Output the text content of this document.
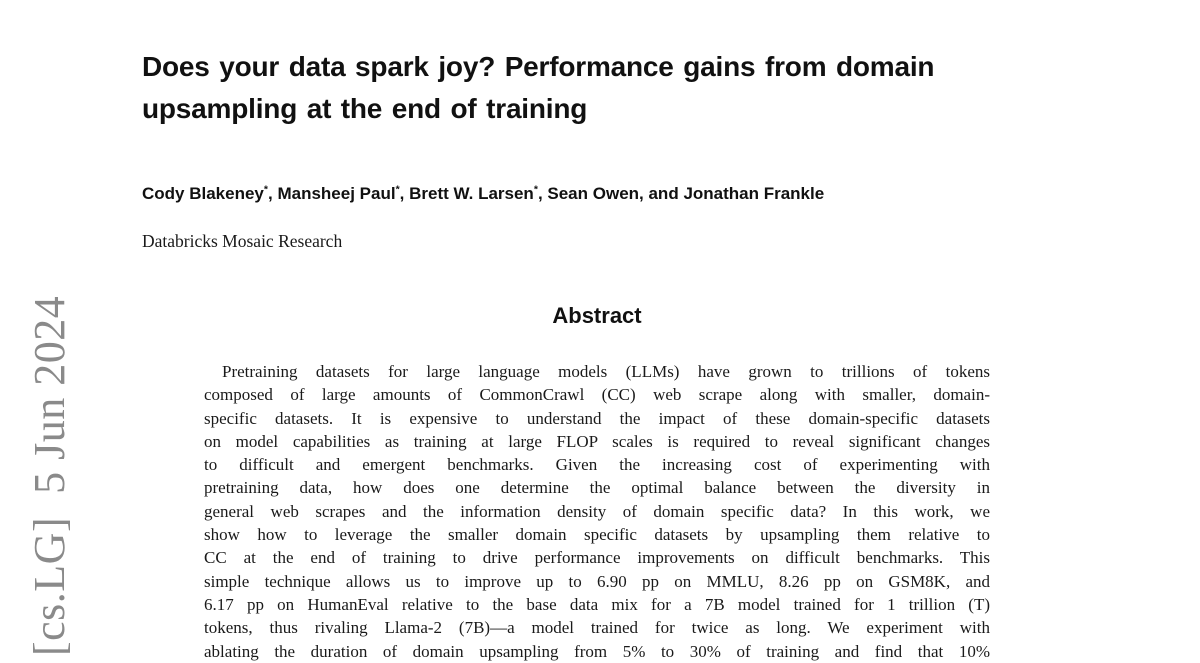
[cs.LG]  5 Jun 2024
Does your data spark joy? Performance gains from domain
upsampling at the end of training
Cody Blakeney*, Mansheej Paul*, Brett W. Larsen*, Sean Owen, and Jonathan Frankle
Databricks Mosaic Research
Abstract
Pretraining datasets for large language models (LLMs) have grown to trillions of tokens
composed of large amounts of CommonCrawl (CC) web scrape along with smaller, domain-
specific datasets. It is expensive to understand the impact of these domain-specific datasets
on model capabilities as training at large FLOP scales is required to reveal significant changes
to difficult and emergent benchmarks. Given the increasing cost of experimenting with
pretraining data, how does one determine the optimal balance between the diversity in
general web scrapes and the information density of domain specific data? In this work, we
show how to leverage the smaller domain specific datasets by upsampling them relative to
CC at the end of training to drive performance improvements on difficult benchmarks. This
simple technique allows us to improve up to 6.90 pp on MMLU, 8.26 pp on GSM8K, and
6.17 pp on HumanEval relative to the base data mix for a 7B model trained for 1 trillion (T)
tokens, thus rivaling Llama-2 (7B)—a model trained for twice as long. We experiment with
ablating the duration of domain upsampling from 5% to 30% of training and find that 10%
